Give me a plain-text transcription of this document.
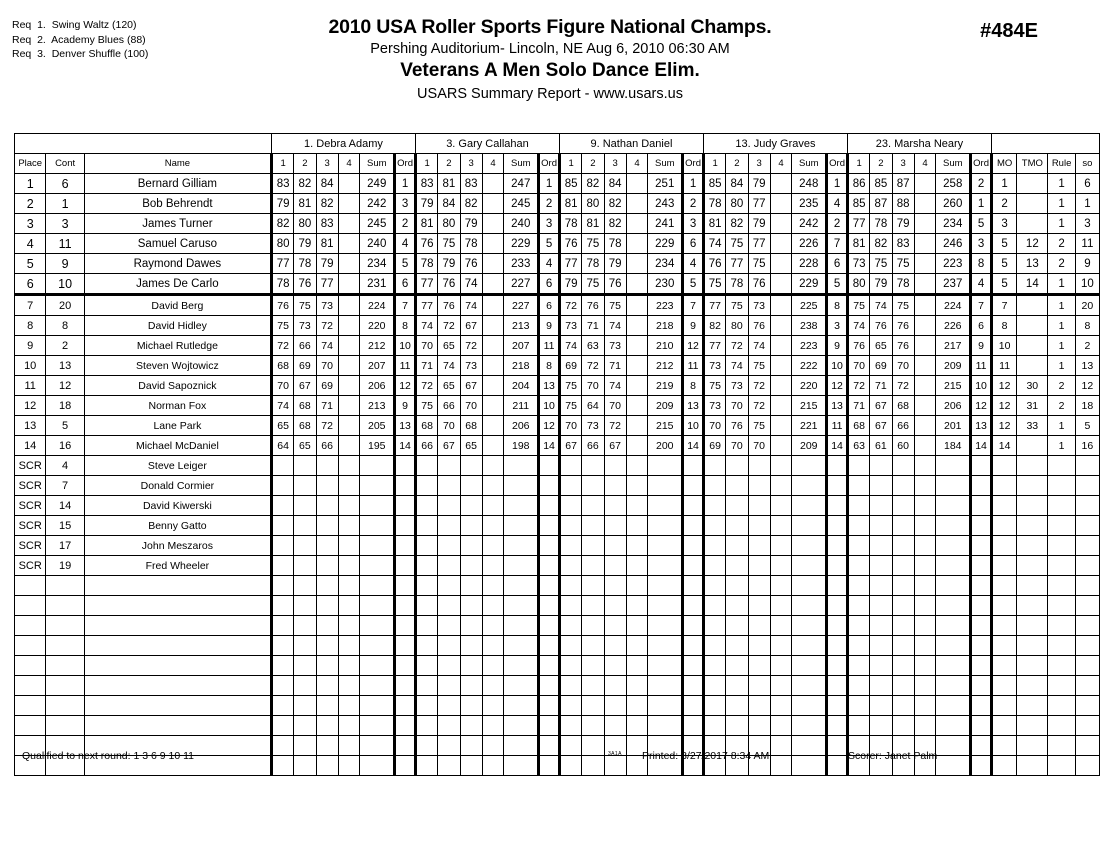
Req  1.  Swing Waltz (120)
Req  2.  Academy Blues (88)
Req  3.  Denver Shuffle (100)
2010 USA Roller Sports Figure National Champs.
Pershing Auditorium- Lincoln, NE Aug 6, 2010 06:30 AM
Veterans A Men Solo Dance Elim.
USARS Summary Report - www.usars.us
#484E
			1. Debra Adamy						3. Gary Callahan						9. Nathan Daniel						13. Judy Graves						23. Marsha Neary									
Place	Cont	Name	1	2	3	4	Sum	Ord	1	2	3	4	Sum	Ord	1	2	3	4	Sum	Ord	1	2	3	4	Sum	Ord	1	2	3	4	Sum	Ord	MO	TMO	Rule	so
1	6	Bernard Gilliam	83	82	84		249	1	83	81	83		247	1	85	82	84		251	1	85	84	79		248	1	86	85	87		258	2	1		1	6
2	1	Bob Behrendt	79	81	82		242	3	79	84	82		245	2	81	80	82		243	2	78	80	77		235	4	85	87	88		260	1	2		1	1
3	3	James Turner	82	80	83		245	2	81	80	79		240	3	78	81	82		241	3	81	82	79		242	2	77	78	79		234	5	3		1	3
4	11	Samuel Caruso	80	79	81		240	4	76	75	78		229	5	76	75	78		229	6	74	75	77		226	7	81	82	83		246	3	5	12	2	11
5	9	Raymond Dawes	77	78	79		234	5	78	79	76		233	4	77	78	79		234	4	76	77	75		228	6	73	75	75		223	8	5	13	2	9
6	10	James De Carlo	78	76	77		231	6	77	76	74		227	6	79	75	76		230	5	75	78	76		229	5	80	79	78		237	4	5	14	1	10
7	20	David Berg	76	75	73		224	7	77	76	74		227	6	72	76	75		223	7	77	75	73		225	8	75	74	75		224	7	7		1	20
8	8	David Hidley	75	73	72		220	8	74	72	67		213	9	73	71	74		218	9	82	80	76		238	3	74	76	76		226	6	8		1	8
9	2	Michael Rutledge	72	66	74		212	10	70	65	72		207	11	74	63	73		210	12	77	72	74		223	9	76	65	76		217	9	10		1	2
10	13	Steven Wojtowicz	68	69	70		207	11	71	74	73		218	8	69	72	71		212	11	73	74	75		222	10	70	69	70		209	11	11		1	13
11	12	David Sapoznick	70	67	69		206	12	72	65	67		204	13	75	70	74		219	8	75	73	72		220	12	72	71	72		215	10	12	30	2	12
12	18	Norman Fox	74	68	71		213	9	75	66	70		211	10	75	64	70		209	13	73	70	72		215	13	71	67	68		206	12	12	31	2	18
13	5	Lane Park	65	68	72		205	13	68	70	68		206	12	70	73	72		215	10	70	76	75		221	11	68	67	66		201	13	12	33	1	5
14	16	Michael McDaniel	64	65	66		195	14	66	67	65		198	14	67	66	67		200	14	69	70	70		209	14	63	61	60		184	14	14		1	16
SCR	4	Steve Leiger																																		
SCR	7	Donald Cormier																																		
SCR	14	David Kiwerski																																		
SCR	15	Benny Gatto																																		
SCR	17	John Meszaros																																		
SCR	19	Fred Wheeler																																		

Qualified to next round: 1 3 6 9 10 11	3A1A Printed: 3/27/2017 8:34 AM	Scorer: Janet Palm
